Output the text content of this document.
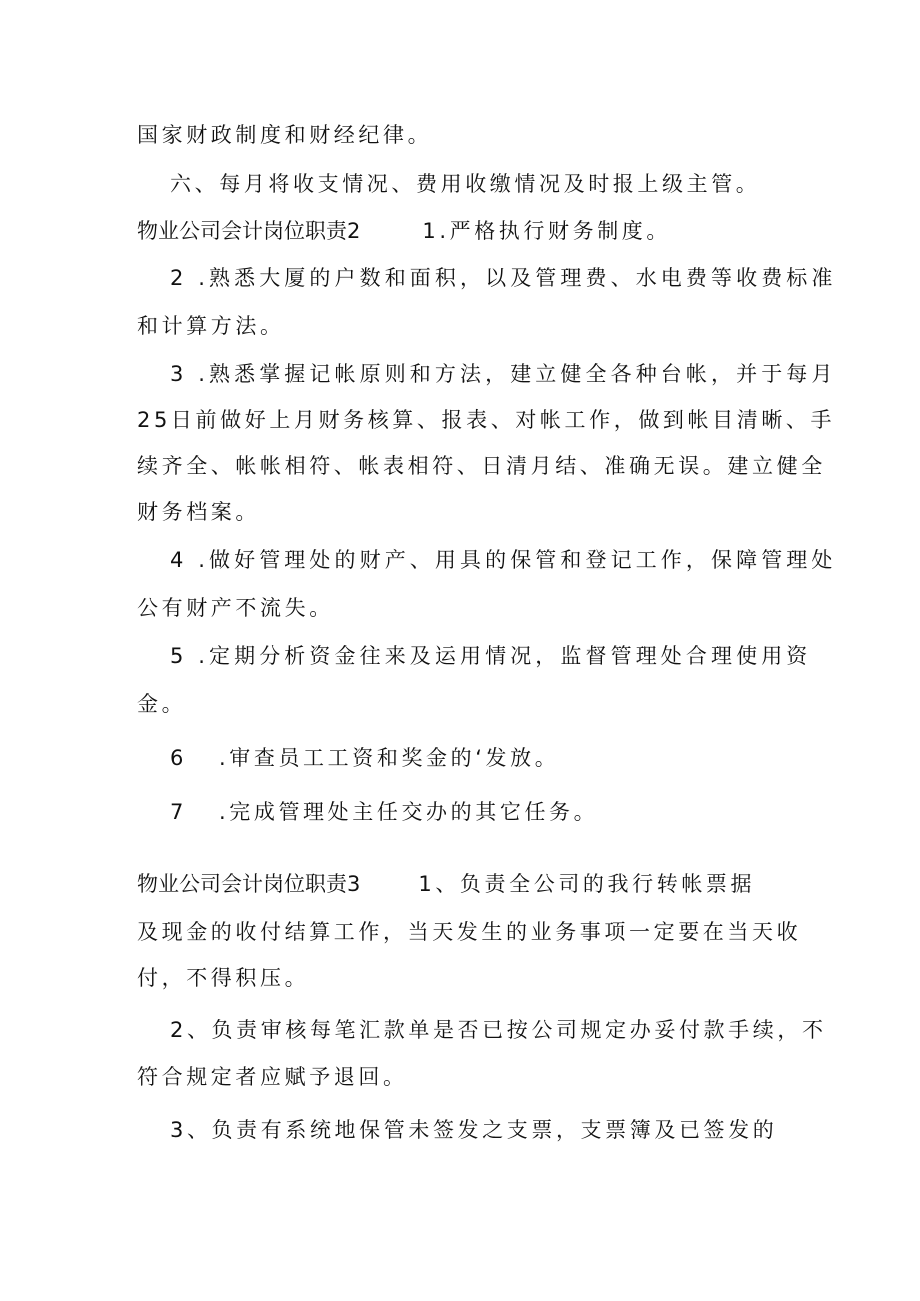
国家财政制度和财经纪律。
六、每月将收支情况、费用收缴情况及时报上级主管。
物业公司会计岗位职责2	1.严格执行财务制度。
2 .熟悉大厦的户数和面积，以及管理费、水电费等收费标准
和计算方法。
3 .熟悉掌握记帐原则和方法，建立健全各种台帐，并于每月
25日前做好上月财务核算、报表、对帐工作，做到帐目清晰、手
续齐全、帐帐相符、帐表相符、日清月结、准确无误。建立健全
财务档案。
4 .做好管理处的财产、用具的保管和登记工作，保障管理处
公有财产不流失。
5 .定期分析资金往来及运用情况，监督管理处合理使用资
金。
6 .审查员工工资和奖金的‘发放。
7 .完成管理处主任交办的其它任务。
物业公司会计岗位职责3	1、负责全公司的我行转帐票据
及现金的收付结算工作，当天发生的业务事项一定要在当天收
付，不得积压。
2、负责审核每笔汇款单是否已按公司规定办妥付款手续，不
符合规定者应赋予退回。
3、负责有系统地保管未签发之支票，支票簿及已签发的
